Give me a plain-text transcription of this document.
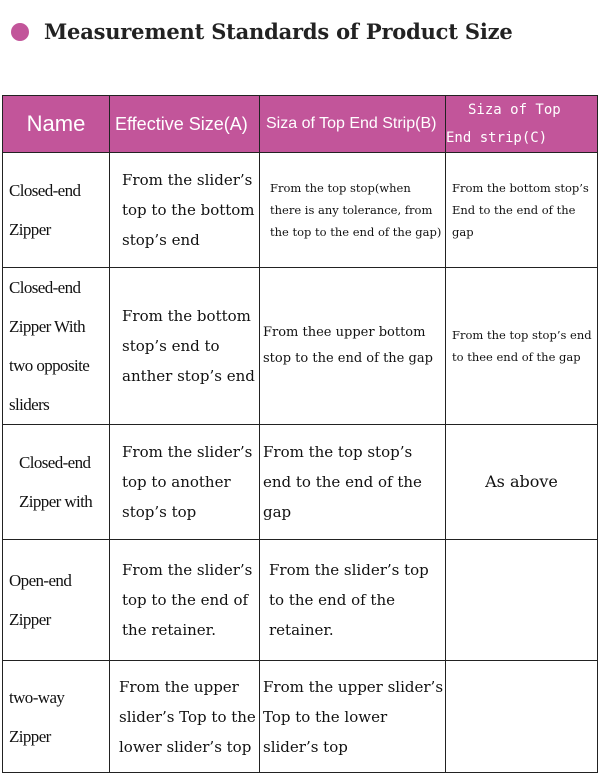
Measurement Standards of Product Size
Name	Effective Size(A)	Siza of Top End Strip(B)	Siza of Top
End strip(C)
Closed-end Zipper	From the slider’s top to the bottom stop’s end	From the top stop(when there is any tolerance, from the top to the end of the gap)	From the bottom stop’s End to the end of the gap
Closed-end Zipper With two opposite sliders	From the bottom stop’s end to anther stop’s end	From thee upper bottom stop to the end of the gap	From the top stop’s end to thee end of the gap
Closed-end Zipper with	From the slider’s top to another stop’s top	From the top stop’s end to the end of the gap	As above
Open-end Zipper	From the slider’s top to the end of the retainer.	From the slider’s top to the end of the retainer.	
two-way Zipper	From the upper slider’s Top to the lower slider’s top	From the upper slider’s Top to the lower slider’s top	
